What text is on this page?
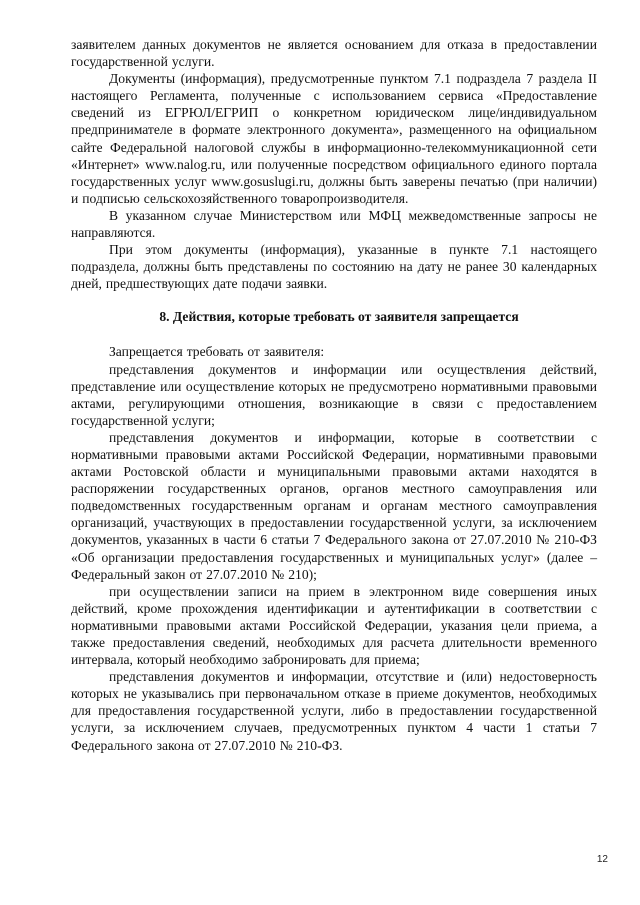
заявителем данных документов не является основанием для отказа в предоставлении государственной услуги.

Документы (информация), предусмотренные пунктом 7.1 подраздела 7 раздела II настоящего Регламента, полученные с использованием сервиса «Предоставление сведений из ЕГРЮЛ/ЕГРИП о конкретном юридическом лице/индивидуальном предпринимателе в формате электронного документа», размещенного на официальном сайте Федеральной налоговой службы в информационно-телекоммуникационной сети «Интернет» www.nalog.ru, или полученные посредством официального единого портала государственных услуг www.gosuslugi.ru, должны быть заверены печатью (при наличии) и подписью сельскохозяйственного товаропроизводителя.

В указанном случае Министерством или МФЦ межведомственные запросы не направляются.

При этом документы (информация), указанные в пункте 7.1 настоящего подраздела, должны быть представлены по состоянию на дату не ранее 30 календарных дней, предшествующих дате подачи заявки.

8. Действия, которые требовать от заявителя запрещается

Запрещается требовать от заявителя:

представления документов и информации или осуществления действий, представление или осуществление которых не предусмотрено нормативными правовыми актами, регулирующими отношения, возникающие в связи с предоставлением государственной услуги;

представления документов и информации, которые в соответствии с нормативными правовыми актами Российской Федерации, нормативными правовыми актами Ростовской области и муниципальными правовыми актами находятся в распоряжении государственных органов, органов местного самоуправления или подведомственных государственным органам и органам местного самоуправления организаций, участвующих в предоставлении государственной услуги, за исключением документов, указанных в части 6 статьи 7 Федерального закона от 27.07.2010 № 210-ФЗ «Об организации предоставления государственных и муниципальных услуг» (далее – Федеральный закон от 27.07.2010 № 210);

при осуществлении записи на прием в электронном виде совершения иных действий, кроме прохождения идентификации и аутентификации в соответствии с нормативными правовыми актами Российской Федерации, указания цели приема, а также предоставления сведений, необходимых для расчета длительности временного интервала, который необходимо забронировать для приема;

представления документов и информации, отсутствие и (или) недостоверность которых не указывались при первоначальном отказе в приеме документов, необходимых для предоставления государственной услуги, либо в предоставлении государственной услуги, за исключением случаев, предусмотренных пунктом 4 части 1 статьи 7 Федерального закона от 27.07.2010 № 210-ФЗ.

12
